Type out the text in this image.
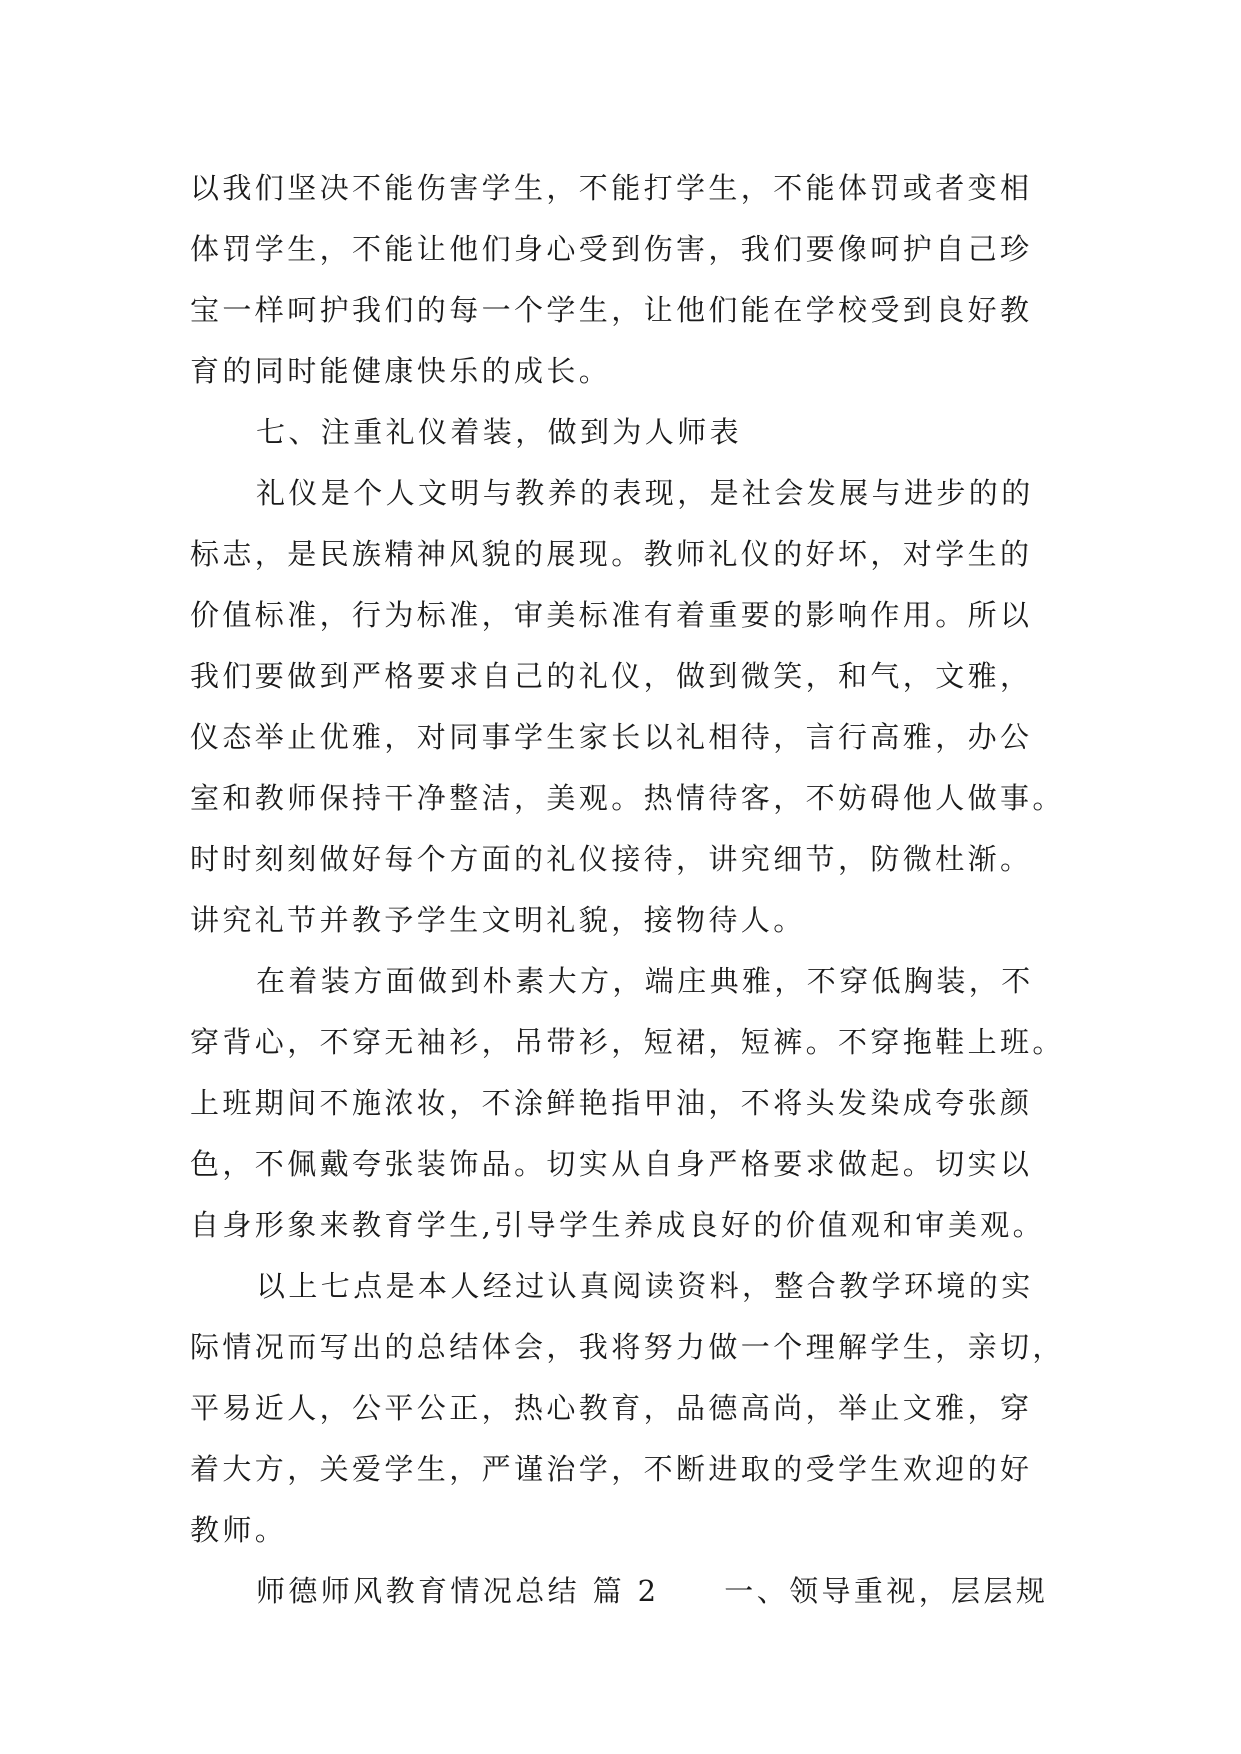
以我们坚决不能伤害学生，不能打学生，不能体罚或者变相
体罚学生，不能让他们身心受到伤害，我们要像呵护自己珍
宝一样呵护我们的每一个学生，让他们能在学校受到良好教
育的同时能健康快乐的成长。
七、注重礼仪着装，做到为人师表
礼仪是个人文明与教养的表现，是社会发展与进步的的
标志，是民族精神风貌的展现。教师礼仪的好坏，对学生的
价值标准，行为标准，审美标准有着重要的影响作用。所以
我们要做到严格要求自己的礼仪，做到微笑，和气，文雅，
仪态举止优雅，对同事学生家长以礼相待，言行高雅，办公
室和教师保持干净整洁，美观。热情待客，不妨碍他人做事。
时时刻刻做好每个方面的礼仪接待，讲究细节，防微杜渐。
讲究礼节并教予学生文明礼貌，接物待人。
在着装方面做到朴素大方，端庄典雅，不穿低胸装，不
穿背心，不穿无袖衫，吊带衫，短裙，短裤。不穿拖鞋上班。
上班期间不施浓妆，不涂鲜艳指甲油，不将头发染成夸张颜
色，不佩戴夸张装饰品。切实从自身严格要求做起。切实以
自身形象来教育学生,引导学生养成良好的价值观和审美观。
以上七点是本人经过认真阅读资料，整合教学环境的实
际情况而写出的总结体会，我将努力做一个理解学生，亲切，
平易近人，公平公正，热心教育，品德高尚，举止文雅，穿
着大方，关爱学生，严谨治学，不断进取的受学生欢迎的好
教师。
师德师风教育情况总结 篇 2　　一、领导重视，层层规
